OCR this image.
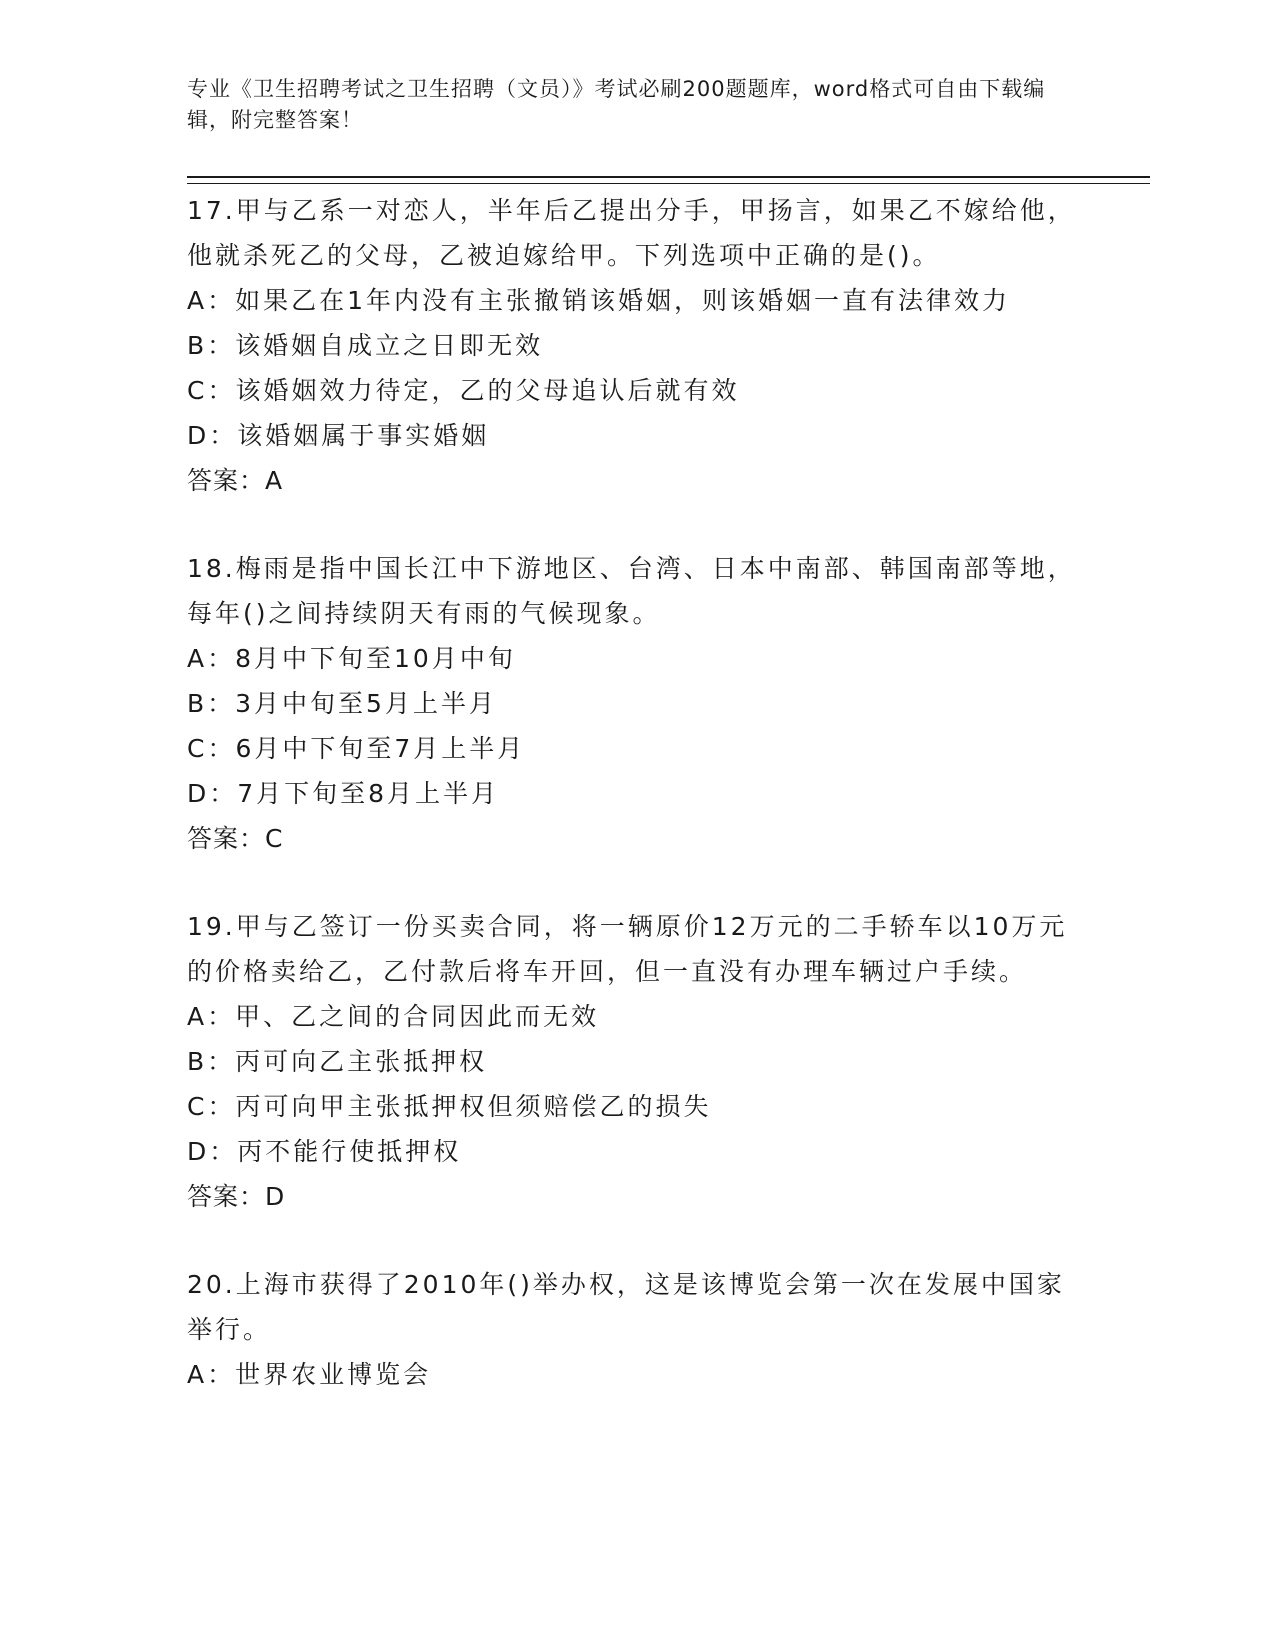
专业《卫生招聘考试之卫生招聘（文员）》考试必刷200题题库，word格式可自由下载编辑，附完整答案！
17.甲与乙系一对恋人，半年后乙提出分手，甲扬言，如果乙不嫁给他，他就杀死乙的父母，乙被迫嫁给甲。下列选项中正确的是()。
A：如果乙在1年内没有主张撤销该婚姻，则该婚姻一直有法律效力
B：该婚姻自成立之日即无效
C：该婚姻效力待定，乙的父母追认后就有效
D：该婚姻属于事实婚姻
答案：A
18.梅雨是指中国长江中下游地区、台湾、日本中南部、韩国南部等地，每年()之间持续阴天有雨的气候现象。
A：8月中下旬至10月中旬
B：3月中旬至5月上半月
C：6月中下旬至7月上半月
D：7月下旬至8月上半月
答案：C
19.甲与乙签订一份买卖合同，将一辆原价12万元的二手轿车以10万元的价格卖给乙，乙付款后将车开回，但一直没有办理车辆过户手续。
A：甲、乙之间的合同因此而无效
B：丙可向乙主张抵押权
C：丙可向甲主张抵押权但须赔偿乙的损失
D：丙不能行使抵押权
答案：D
20.上海市获得了2010年()举办权，这是该博览会第一次在发展中国家举行。
A：世界农业博览会
